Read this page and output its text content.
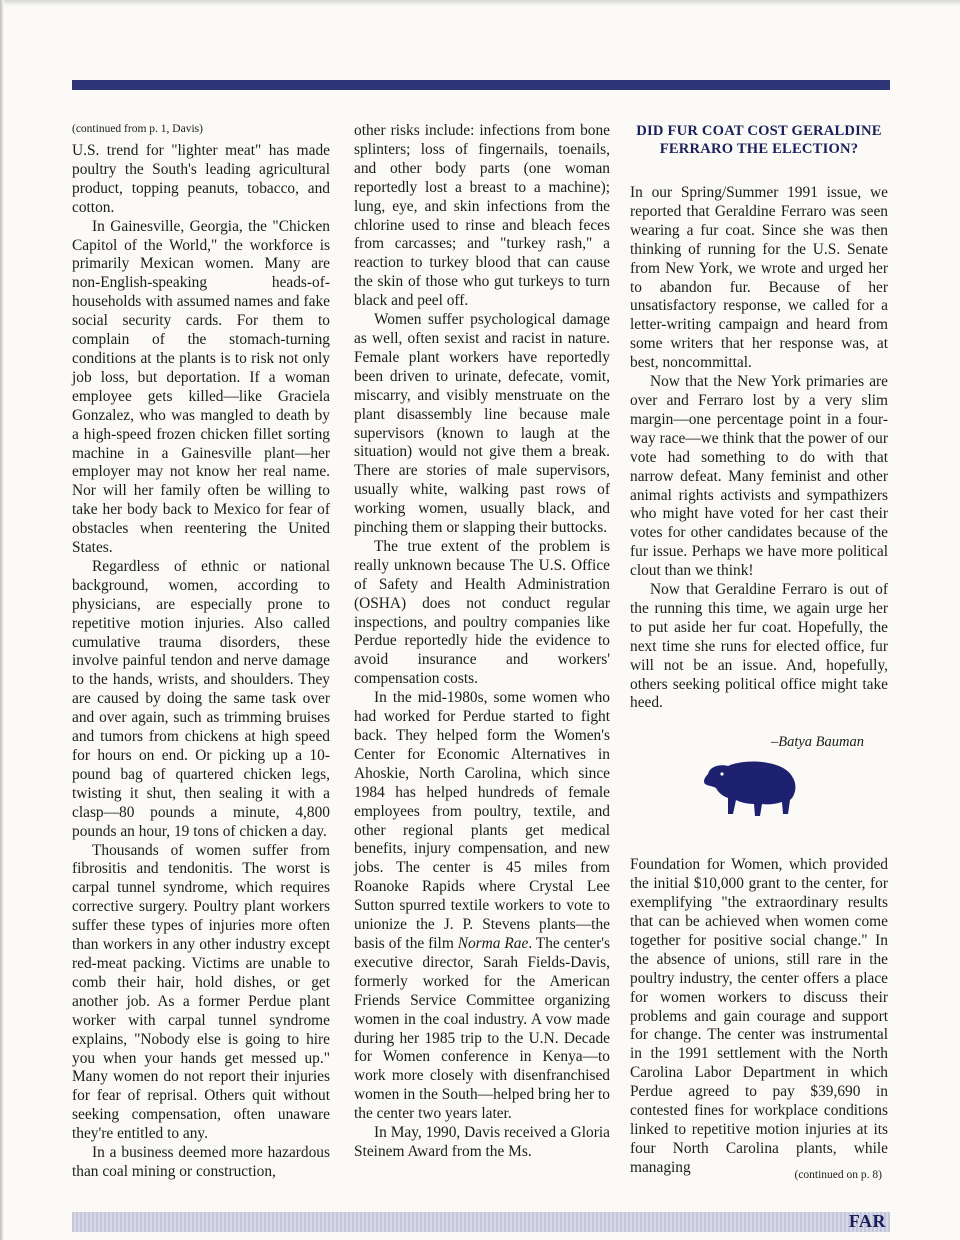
(continued from p. 1, Davis)

U.S. trend for "lighter meat" has made poultry the South's leading agricultural product, topping peanuts, tobacco, and cotton.

In Gainesville, Georgia, the "Chicken Capitol of the World," the workforce is primarily Mexican women. Many are non-English-speaking heads-of-households with assumed names and fake social security cards. For them to complain of the stomach-turning conditions at the plants is to risk not only job loss, but deportation. If a woman employee gets killed—like Graciela Gonzalez, who was mangled to death by a high-speed frozen chicken fillet sorting machine in a Gainesville plant—her employer may not know her real name. Nor will her family often be willing to take her body back to Mexico for fear of obstacles when reentering the United States.

Regardless of ethnic or national background, women, according to physicians, are especially prone to repetitive motion injuries. Also called cumulative trauma disorders, these involve painful tendon and nerve damage to the hands, wrists, and shoulders. They are caused by doing the same task over and over again, such as trimming bruises and tumors from chickens at high speed for hours on end. Or picking up a 10-pound bag of quartered chicken legs, twisting it shut, then sealing it with a clasp—80 pounds a minute, 4,800 pounds an hour, 19 tons of chicken a day.

Thousands of women suffer from fibrositis and tendonitis. The worst is carpal tunnel syndrome, which requires corrective surgery. Poultry plant workers suffer these types of injuries more often than workers in any other industry except red-meat packing. Victims are unable to comb their hair, hold dishes, or get another job. As a former Perdue plant worker with carpal tunnel syndrome explains, "Nobody else is going to hire you when your hands get messed up." Many women do not report their injuries for fear of reprisal. Others quit without seeking compensation, often unaware they're entitled to any.

In a business deemed more hazardous than coal mining or construction,

other risks include: infections from bone splinters; loss of fingernails, toenails, and other body parts (one woman reportedly lost a breast to a machine); lung, eye, and skin infections from the chlorine used to rinse and bleach feces from carcasses; and "turkey rash," a reaction to turkey blood that can cause the skin of those who gut turkeys to turn black and peel off.

Women suffer psychological damage as well, often sexist and racist in nature. Female plant workers have reportedly been driven to urinate, defecate, vomit, miscarry, and visibly menstruate on the plant disassembly line because male supervisors (known to laugh at the situation) would not give them a break. There are stories of male supervisors, usually white, walking past rows of working women, usually black, and pinching them or slapping their buttocks.

The true extent of the problem is really unknown because The U.S. Office of Safety and Health Administration (OSHA) does not conduct regular inspections, and poultry companies like Perdue reportedly hide the evidence to avoid insurance and workers' compensation costs.

In the mid-1980s, some women who had worked for Perdue started to fight back. They helped form the Women's Center for Economic Alternatives in Ahoskie, North Carolina, which since 1984 has helped hundreds of female employees from poultry, textile, and other regional plants get medical benefits, injury compensation, and new jobs. The center is 45 miles from Roanoke Rapids where Crystal Lee Sutton spurred textile workers to vote to unionize the J. P. Stevens plants—the basis of the film Norma Rae. The center's executive director, Sarah Fields-Davis, formerly worked for the American Friends Service Committee organizing women in the coal industry. A vow made during her 1985 trip to the U.N. Decade for Women conference in Kenya—to work more closely with disenfranchised women in the South—helped bring her to the center two years later.

In May, 1990, Davis received a Gloria Steinem Award from the Ms.

DID FUR COAT COST GERALDINE FERRARO THE ELECTION?

In our Spring/Summer 1991 issue, we reported that Geraldine Ferraro was seen wearing a fur coat. Since she was then thinking of running for the U.S. Senate from New York, we wrote and urged her to abandon fur. Because of her unsatisfactory response, we called for a letter-writing campaign and heard from some writers that her response was, at best, noncommittal.

Now that the New York primaries are over and Ferraro lost by a very slim margin—one percentage point in a four-way race—we think that the power of our vote had something to do with that narrow defeat. Many feminist and other animal rights activists and sympathizers who might have voted for her cast their votes for other candidates because of the fur issue. Perhaps we have more political clout than we think!

Now that Geraldine Ferraro is out of the running this time, we again urge her to put aside her fur coat. Hopefully, the next time she runs for elected office, fur will not be an issue. And, hopefully, others seeking political office might take heed.

–Batya Bauman

Foundation for Women, which provided the initial $10,000 grant to the center, for exemplifying "the extraordinary results that can be achieved when women come together for positive social change." In the absence of unions, still rare in the poultry industry, the center offers a place for women workers to discuss their problems and gain courage and support for change. The center was instrumental in the 1991 settlement with the North Carolina Labor Department in which Perdue agreed to pay $39,690 in contested fines for workplace conditions linked to repetitive motion injuries at its four North Carolina plants, while managing	(continued on p. 8)
FAR
